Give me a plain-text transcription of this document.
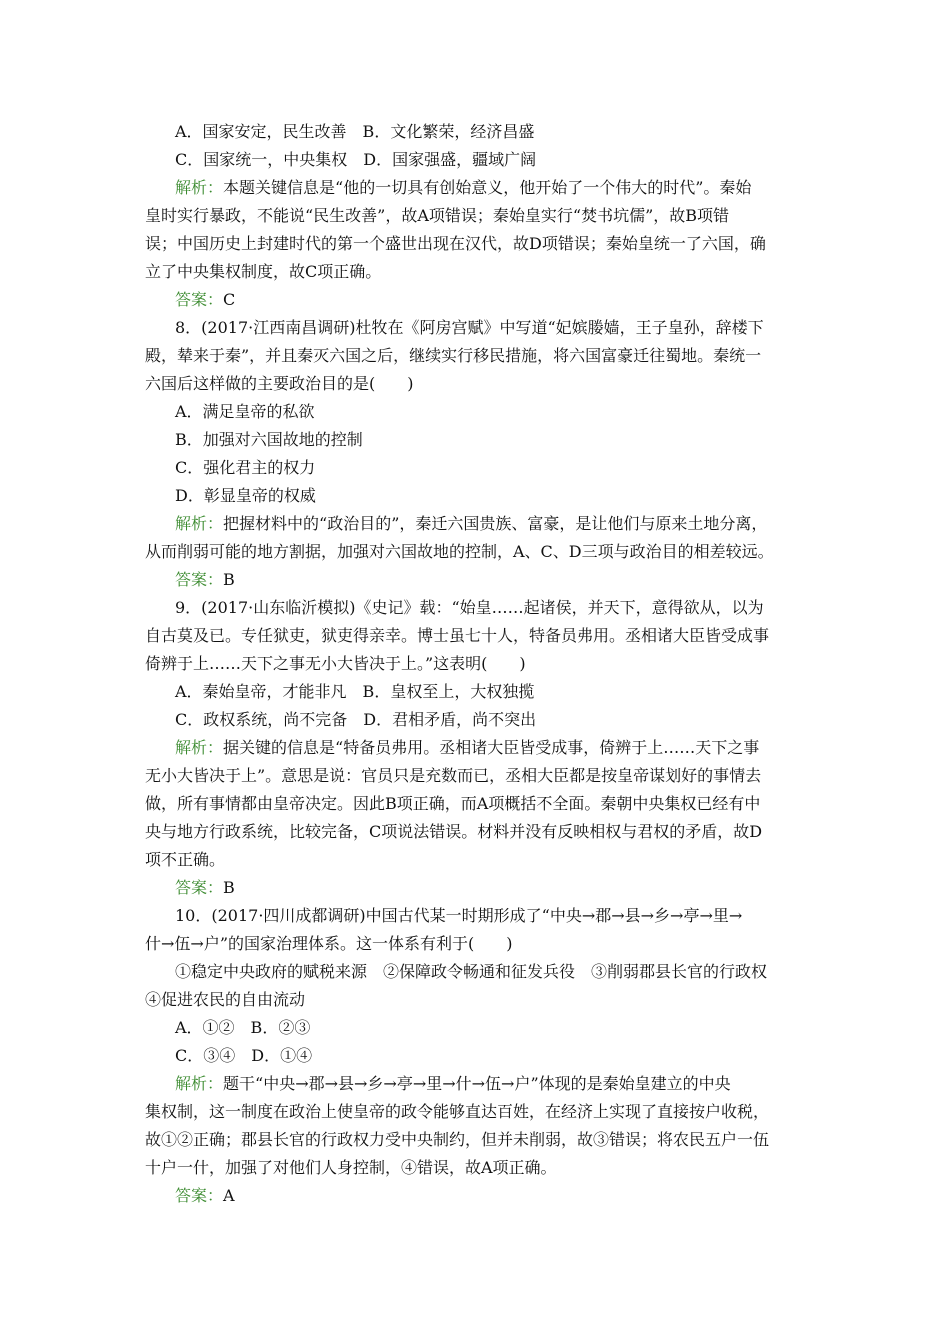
A．国家安定，民生改善　B．文化繁荣，经济昌盛
C．国家统一，中央集权　D．国家强盛，疆域广阔
解析：本题关键信息是“他的一切具有创始意义，他开始了一个伟大的时代”。秦始
皇时实行暴政，不能说“民生改善”，故A项错误；秦始皇实行“焚书坑儒”，故B项错
误；中国历史上封建时代的第一个盛世出现在汉代，故D项错误；秦始皇统一了六国，确
立了中央集权制度，故C项正确。
答案：C
8．(2017·江西南昌调研)杜牧在《阿房宫赋》中写道“妃嫔媵嫱，王子皇孙，辞楼下
殿，辇来于秦”，并且秦灭六国之后，继续实行移民措施，将六国富豪迁往蜀地。秦统一
六国后这样做的主要政治目的是(　　)
A．满足皇帝的私欲
B．加强对六国故地的控制
C．强化君主的权力
D．彰显皇帝的权威
解析：把握材料中的“政治目的”，秦迁六国贵族、富豪，是让他们与原来土地分离，
从而削弱可能的地方割据，加强对六国故地的控制，A、C、D三项与政治目的相差较远。
答案：B
9．(2017·山东临沂模拟)《史记》载：“始皇……起诸侯，并天下，意得欲从，以为
自古莫及已。专任狱吏，狱吏得亲幸。博士虽七十人，特备员弗用。丞相诸大臣皆受成事
倚辨于上……天下之事无小大皆决于上。”这表明(　　)
A．秦始皇帝，才能非凡　B．皇权至上，大权独揽
C．政权系统，尚不完备　D．君相矛盾，尚不突出
解析：据关键的信息是“特备员弗用。丞相诸大臣皆受成事，倚辨于上……天下之事
无小大皆决于上”。意思是说：官员只是充数而已，丞相大臣都是按皇帝谋划好的事情去
做，所有事情都由皇帝决定。因此B项正确，而A项概括不全面。秦朝中央集权已经有中
央与地方行政系统，比较完备，C项说法错误。材料并没有反映相权与君权的矛盾，故D
项不正确。
答案：B
10．(2017·四川成都调研)中国古代某一时期形成了“中央→郡→县→乡→亭→里→
什→伍→户”的国家治理体系。这一体系有利于(　　)
①稳定中央政府的赋税来源　②保障政令畅通和征发兵役　③削弱郡县长官的行政权
④促进农民的自由流动
A．①②　B．②③
C．③④　D．①④
解析：题干“中央→郡→县→乡→亭→里→什→伍→户”体现的是秦始皇建立的中央
集权制，这一制度在政治上使皇帝的政令能够直达百姓，在经济上实现了直接按户收税，
故①②正确；郡县长官的行政权力受中央制约，但并未削弱，故③错误；将农民五户一伍
十户一什，加强了对他们人身控制，④错误，故A项正确。
答案：A
